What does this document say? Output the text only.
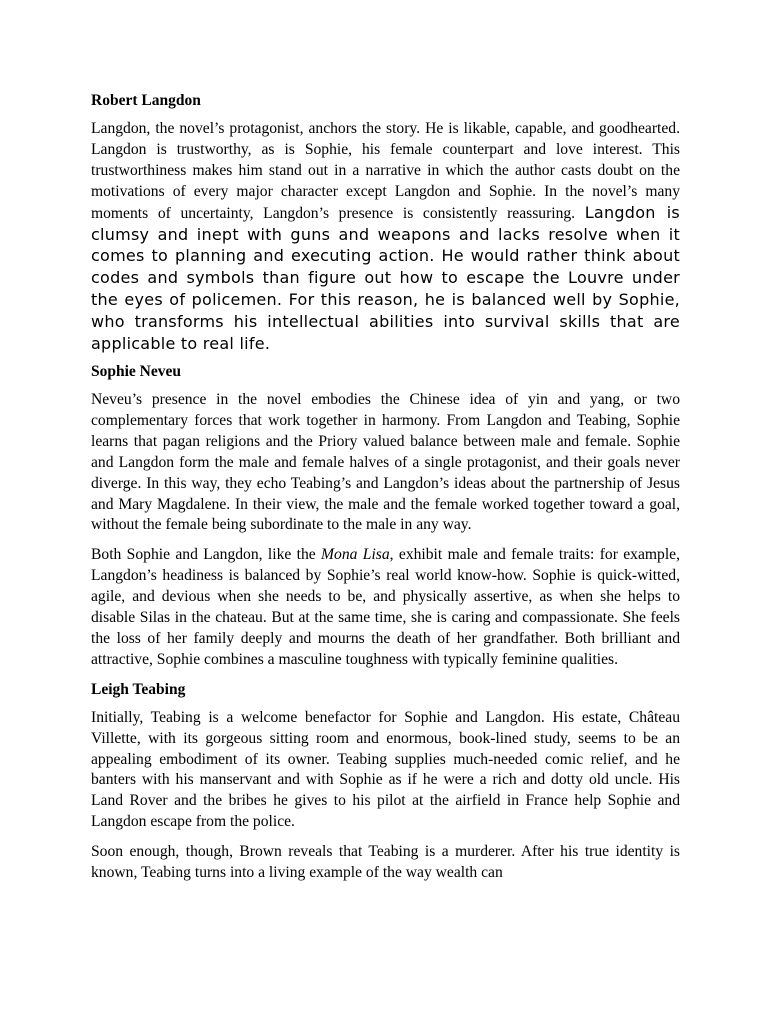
Robert Langdon

Langdon, the novel’s protagonist, anchors the story. He is likable, capable, and goodhearted. Langdon is trustworthy, as is Sophie, his female counterpart and love interest. This trustworthiness makes him stand out in a narrative in which the author casts doubt on the motivations of every major character except Langdon and Sophie. In the novel’s many moments of uncertainty, Langdon’s presence is consistently reassuring. Langdon is clumsy and inept with guns and weapons and lacks resolve when it comes to planning and executing action. He would rather think about codes and symbols than figure out how to escape the Louvre under the eyes of policemen. For this reason, he is balanced well by Sophie, who transforms his intellectual abilities into survival skills that are applicable to real life.

Sophie Neveu

Neveu’s presence in the novel embodies the Chinese idea of yin and yang, or two complementary forces that work together in harmony. From Langdon and Teabing, Sophie learns that pagan religions and the Priory valued balance between male and female. Sophie and Langdon form the male and female halves of a single protagonist, and their goals never diverge. In this way, they echo Teabing’s and Langdon’s ideas about the partnership of Jesus and Mary Magdalene. In their view, the male and the female worked together toward a goal, without the female being subordinate to the male in any way.

Both Sophie and Langdon, like the Mona Lisa, exhibit male and female traits: for example, Langdon’s headiness is balanced by Sophie’s real world know-how. Sophie is quick-witted, agile, and devious when she needs to be, and physically assertive, as when she helps to disable Silas in the chateau. But at the same time, she is caring and compassionate. She feels the loss of her family deeply and mourns the death of her grandfather. Both brilliant and attractive, Sophie combines a masculine toughness with typically feminine qualities.

Leigh Teabing

Initially, Teabing is a welcome benefactor for Sophie and Langdon. His estate, Château Villette, with its gorgeous sitting room and enormous, book-lined study, seems to be an appealing embodiment of its owner. Teabing supplies much-needed comic relief, and he banters with his manservant and with Sophie as if he were a rich and dotty old uncle. His Land Rover and the bribes he gives to his pilot at the airfield in France help Sophie and Langdon escape from the police.

Soon enough, though, Brown reveals that Teabing is a murderer. After his true identity is known, Teabing turns into a living example of the way wealth can
